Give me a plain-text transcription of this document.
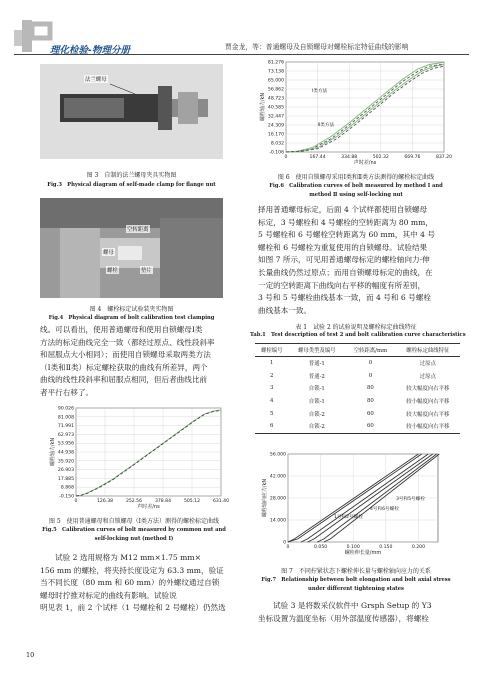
理化检验-物理分册	贾金龙，等：普通螺母及自锁螺母对螺栓标定特征曲线的影响
法兰螺母
图 3　自制的法兰螺母夹具实物图
Fig.3　Physical diagram of self-made clamp for flange nut
空转距离
螺母
螺栓	垫片
图 4　螺栓标定试验装夹实物图
Fig.4　Physical diagram of bolt calibration test clamping

线。可以看出，使用普通螺母和使用自锁螺母Ⅰ类

方法的标定曲线完全一致（都经过原点、线性段斜率

和屈服点大小相同）；而使用自锁螺母采取两类方法

（Ⅰ类和Ⅱ类）标定螺栓获取的曲线有所差异，两个

曲线的线性段斜率和屈服点相同，但后者曲线比前

者平行右移了。

-0.150
8.868
17.885
26.903
35.920
44.938
53.956
62.973
71.991
81.008
90.026
0	126.38	252.56	378.84	505.12	631.40
声时差/ns
螺栓轴力/kN
图 5　使用普通螺母和自锁螺母（Ⅰ类方法）测得的螺栓标定曲线
Fig.5　Calibration curves of bolt measured by common nut and
self-locking nut (method Ⅰ)

试验 2 选用规格为 M12 mm×1.75 mm×

156 mm 的螺栓，将夹持长度设定为 63.3 mm，验证

当不同长度（80 mm 和 60 mm）的外螺纹通过自锁

螺母时拧推对标定的曲线有影响。试验说

明见表 1，前 2 个试样（1 号螺栓和 2 号螺栓）仍然选

10
-0.106
8.032
16.170
24.309
32.447
40.585
48.723
56.862
65.000
73.138
81.276
0	167.44	334.88	502.32	669.76	837.20
声时差/ns
螺栓轴力/kN
Ⅰ类方法
Ⅱ类方法
图 6　使用自锁螺母采用Ⅰ类和Ⅱ类方法测得的螺栓标定曲线
Fig.6　Calibration curves of bolt measured by method Ⅰ and
method Ⅱ using self-locking nut

择用普通螺母标定，后面 4 个试样都使用自锁螺母

标定，3 号螺栓和 4 号螺栓的空转距离为 80 mm，

5 号螺栓和 6 号螺栓空转距离为 60 mm，其中 4 号

螺栓和 6 号螺栓为重复使用的自锁螺母。试验结果

如图 7 所示，可见用普通螺母标定的螺栓轴向力-伸

长量曲线仍然过原点；而用自锁螺母标定的曲线，在

一定的空转距离下曲线向右平移的幅度有所差别，

3 号和 5 号螺栓曲线基本一致，而 4 号和 6 号螺栓

曲线基本一致。

表 1　试验 2 的试验说明及螺栓标定曲线特征
Tab.1　Test description of test 2 and bolt calibration curve characteristics
螺栓编号	螺母类型及编号	空转距离/mm	螺栓标定曲线特征
1	普通-1	0	过原点
2	普通-2	0	过原点
3	自锁-1	80	较大幅度向右平移
4	自锁-1	80	较小幅度向右平移
5	自锁-2	60	较大幅度向右平移
6	自锁-2	60	较小幅度向右平移
0
14.000
28.000
42.000
56.000
0	0.050	0.100	0.150	0.200
螺栓伸长量/mm
螺栓轴向应力/kN	3号和5号螺栓
4号和6号螺栓
1号和2号螺栓
图 7　不同拧紧状态下螺栓伸长量与螺栓轴向应力的关系
Fig.7　Relationship between bolt elongation and bolt axial stress
under different tightening states

试验 3 是将数采仪软件中 Grsph Setup 的 Y3

坐标设置为温度坐标（用外部温度传感器），将螺栓
